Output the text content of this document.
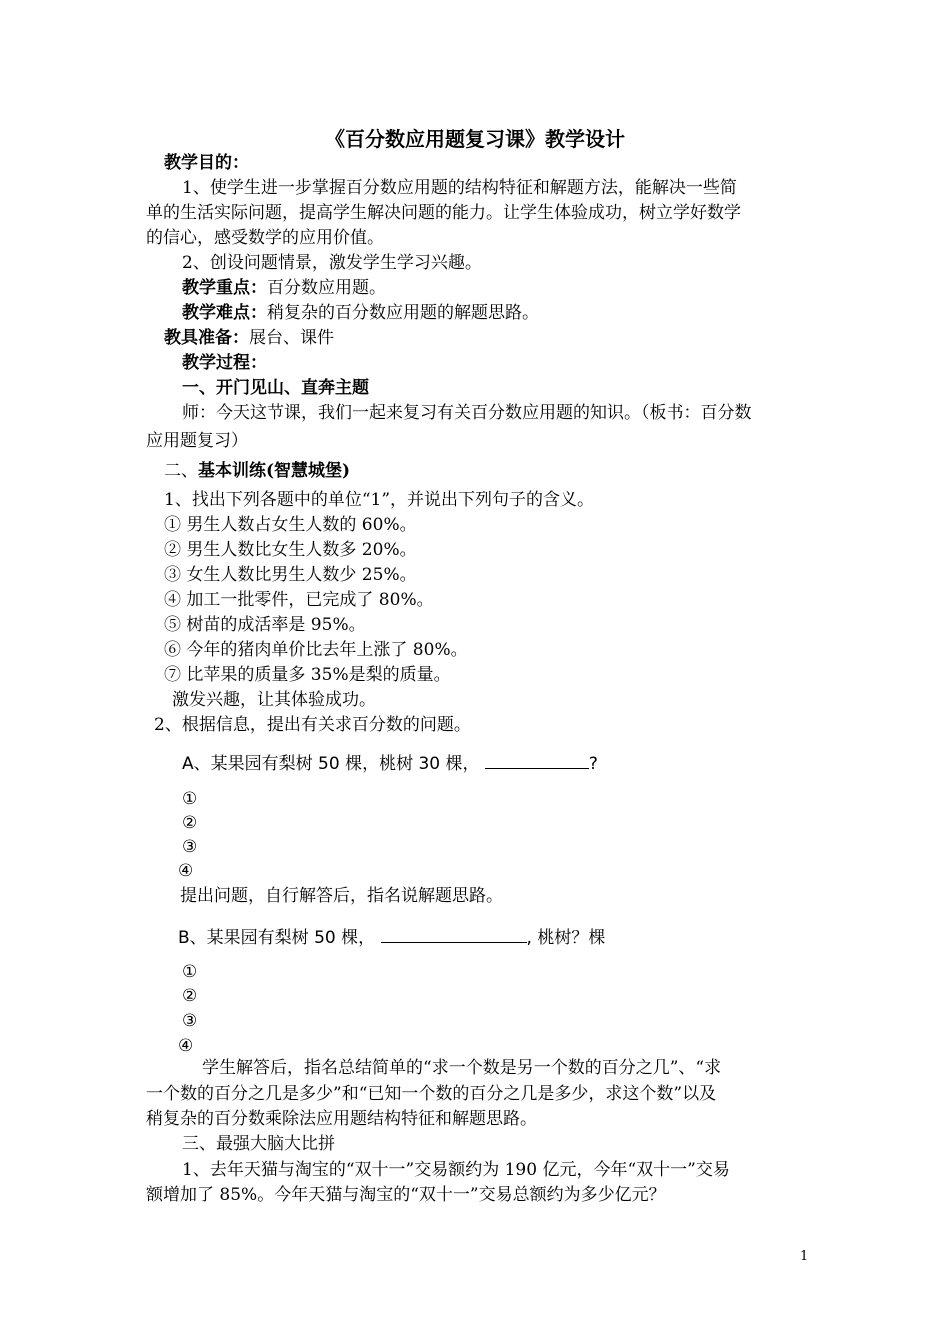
《百分数应用题复习课》教学设计
教学目的：
1、使学生进一步掌握百分数应用题的结构特征和解题方法，能解决一些简
单的生活实际问题，提高学生解决问题的能力。让学生体验成功，树立学好数学
的信心，感受数学的应用价值。
2、创设问题情景，激发学生学习兴趣。
教学重点：百分数应用题。
教学难点：稍复杂的百分数应用题的解题思路。
教具准备：展台、课件
教学过程：
一、开门见山、直奔主题
师：今天这节课，我们一起来复习有关百分数应用题的知识。（板书：百分数
应用题复习）
二、基本训练(智慧城堡)
1、找出下列各题中的单位“1”，并说出下列句子的含义。
① 男生人数占女生人数的 60%。
② 男生人数比女生人数多 20%。
③ 女生人数比男生人数少 25%。
④ 加工一批零件，已完成了 80%。
⑤ 树苗的成活率是 95%。
⑥ 今年的猪肉单价比去年上涨了 80%。
⑦ 比苹果的质量多 35%是梨的质量。
激发兴趣，让其体验成功。
2、根据信息，提出有关求百分数的问题。
A、某果园有梨树 50 棵，桃树 30 棵，	?
①
②
③
④
提出问题，自行解答后，指名说解题思路。
B、某果园有梨树 50 棵，	, 桃树？棵
①
②
③
④
学生解答后，指名总结简单的“求一个数是另一个数的百分之几”、“求
一个数的百分之几是多少”和“已知一个数的百分之几是多少，求这个数”以及
稍复杂的百分数乘除法应用题结构特征和解题思路。
三、最强大脑大比拼
1、去年天猫与淘宝的“双十一”交易额约为 190 亿元，今年“双十一”交易
额增加了 85%。今年天猫与淘宝的“双十一”交易总额约为多少亿元？
1
